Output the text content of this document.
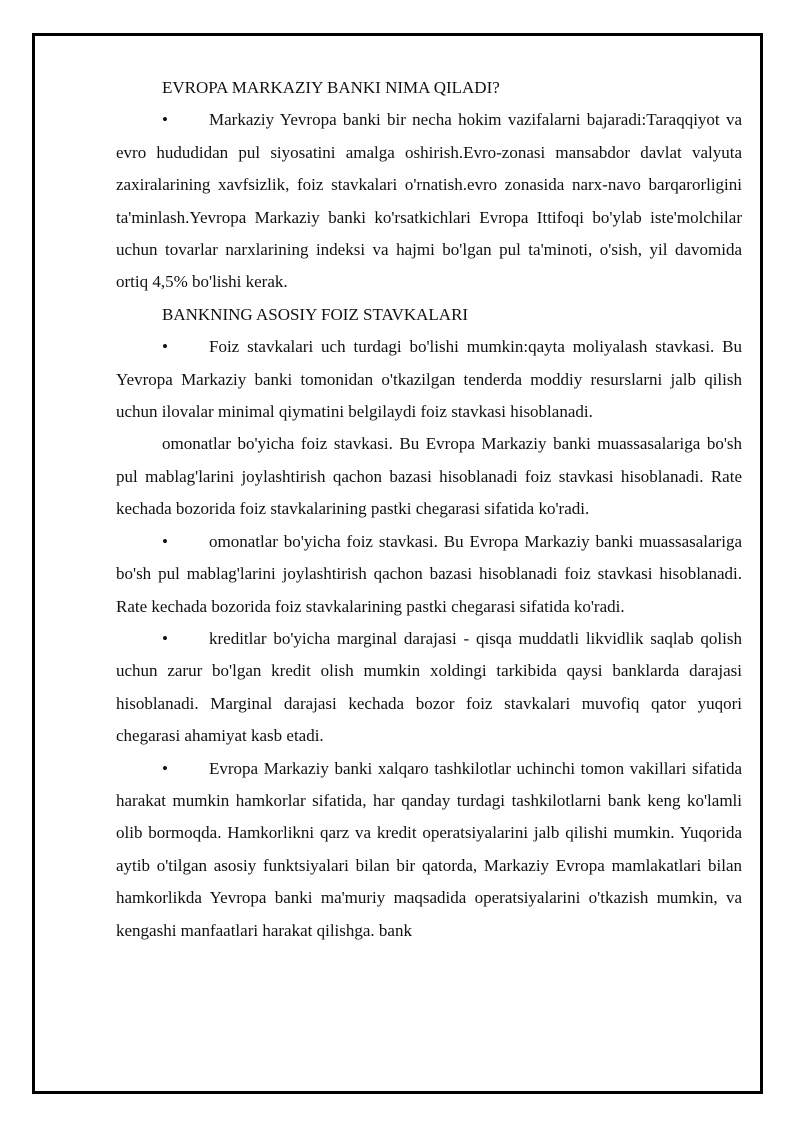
EVROPA MARKAZIY BANKI NIMA QILADI?

• Markaziy Yevropa banki bir necha hokim vazifalarni bajaradi:Taraqqiyot va evro hududidan pul siyosatini amalga oshirish.Evro-zonasi mansabdor davlat valyuta zaxiralarining xavfsizlik, foiz stavkalari o'rnatish.evro zonasida narx-navo barqarorligini ta'minlash.Yevropa Markaziy banki ko'rsatkichlari Evropa Ittifoqi bo'ylab iste'molchilar uchun tovarlar narxlarining indeksi va hajmi bo'lgan pul ta'minoti, o'sish, yil davomida ortiq 4,5% bo'lishi kerak.

BANKNING ASOSIY FOIZ STAVKALARI

• Foiz stavkalari uch turdagi bo'lishi mumkin:qayta moliyalash stavkasi. Bu Yevropa Markaziy banki tomonidan o'tkazilgan tenderda moddiy resurslarni jalb qilish uchun ilovalar minimal qiymatini belgilaydi foiz stavkasi hisoblanadi.

omonatlar bo'yicha foiz stavkasi. Bu Evropa Markaziy banki muassasalariga bo'sh pul mablag'larini joylashtirish qachon bazasi hisoblanadi foiz stavkasi hisoblanadi. Rate kechada bozorida foiz stavkalarining pastki chegarasi sifatida ko'radi.

• omonatlar bo'yicha foiz stavkasi. Bu Evropa Markaziy banki muassasalariga bo'sh pul mablag'larini joylashtirish qachon bazasi hisoblanadi foiz stavkasi hisoblanadi. Rate kechada bozorida foiz stavkalarining pastki chegarasi sifatida ko'radi.

• kreditlar bo'yicha marginal darajasi - qisqa muddatli likvidlik saqlab qolish uchun zarur bo'lgan kredit olish mumkin xoldingi tarkibida qaysi banklarda darajasi hisoblanadi. Marginal darajasi kechada bozor foiz stavkalari muvofiq qator yuqori chegarasi ahamiyat kasb etadi.

• Evropa Markaziy banki xalqaro tashkilotlar uchinchi tomon vakillari sifatida harakat mumkin hamkorlar sifatida, har qanday turdagi tashkilotlarni bank keng ko'lamli olib bormoqda. Hamkorlikni qarz va kredit operatsiyalarini jalb qilishi mumkin. Yuqorida aytib o'tilgan asosiy funktsiyalari bilan bir qatorda, Markaziy Evropa mamlakatlari bilan hamkorlikda Yevropa banki ma'muriy maqsadida operatsiyalarini o'tkazish mumkin, va kengashi manfaatlari harakat qilishga. bank
